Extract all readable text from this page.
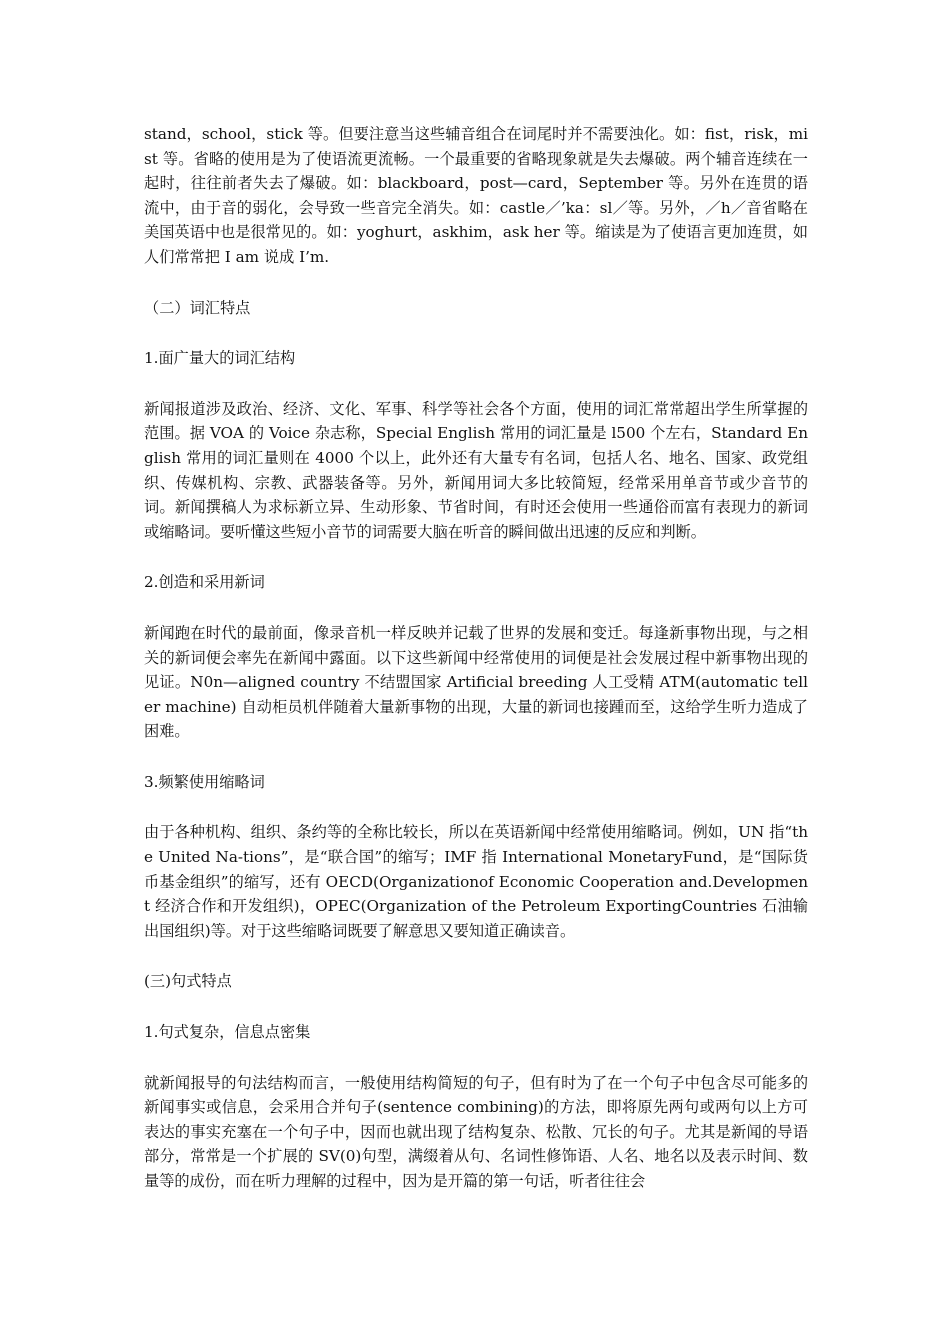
stand，school，stick 等。但要注意当这些辅音组合在词尾时并不需要浊化。如：fist，risk，mist 等。省略的使用是为了使语流更流畅。一个最重要的省略现象就是失去爆破。两个辅音连续在一起时，往往前者失去了爆破。如：blackboard，post—card，September 等。另外在连贯的语流中，由于音的弱化，会导致一些音完全消失。如：castle／’ka：sl／等。另外，／h／音省略在美国英语中也是很常见的。如：yoghurt，askhim，ask her 等。缩读是为了使语言更加连贯，如人们常常把 I am 说成 I’m.

（二）词汇特点

1.面广量大的词汇结构

新闻报道涉及政治、经济、文化、军事、科学等社会各个方面，使用的词汇常常超出学生所掌握的范围。据 VOA 的 Voice 杂志称，Special English 常用的词汇量是 l500 个左右，Standard English 常用的词汇量则在 4000 个以上，此外还有大量专有名词，包括人名、地名、国家、政党组织、传媒机构、宗教、武器装备等。另外，新闻用词大多比较简短，经常采用单音节或少音节的词。新闻撰稿人为求标新立异、生动形象、节省时间，有时还会使用一些通俗而富有表现力的新词或缩略词。要听懂这些短小音节的词需要大脑在听音的瞬间做出迅速的反应和判断。

2.创造和采用新词

新闻跑在时代的最前面，像录音机一样反映并记载了世界的发展和变迁。每逢新事物出现，与之相关的新词便会率先在新闻中露面。以下这些新闻中经常使用的词便是社会发展过程中新事物出现的见证。N0n—aligned country 不结盟国家 Artificial breeding 人工受精 ATM(automatic teller machine) 自动柜员机伴随着大量新事物的出现，大量的新词也接踵而至，这给学生听力造成了困难。

3.频繁使用缩略词

由于各种机构、组织、条约等的全称比较长，所以在英语新闻中经常使用缩略词。例如，UN 指“the United Na-tions”，是“联合国”的缩写；IMF 指 International MonetaryFund，是“国际货币基金组织”的缩写，还有 OECD(Organizationof Economic Cooperation and.Development 经济合作和开发组织)，OPEC(Organization of the Petroleum ExportingCountries 石油输出国组织)等。对于这些缩略词既要了解意思又要知道正确读音。

(三)句式特点

1.句式复杂，信息点密集

就新闻报导的句法结构而言，一般使用结构简短的句子，但有时为了在一个句子中包含尽可能多的新闻事实或信息，会采用合并句子(sentence combining)的方法，即将原先两句或两句以上方可表达的事实充塞在一个句子中，因而也就出现了结构复杂、松散、冗长的句子。尤其是新闻的导语部分，常常是一个扩展的 SV(0)句型，满缀着从句、名词性修饰语、人名、地名以及表示时间、数量等的成份，而在听力理解的过程中，因为是开篇的第一句话，听者往往会
